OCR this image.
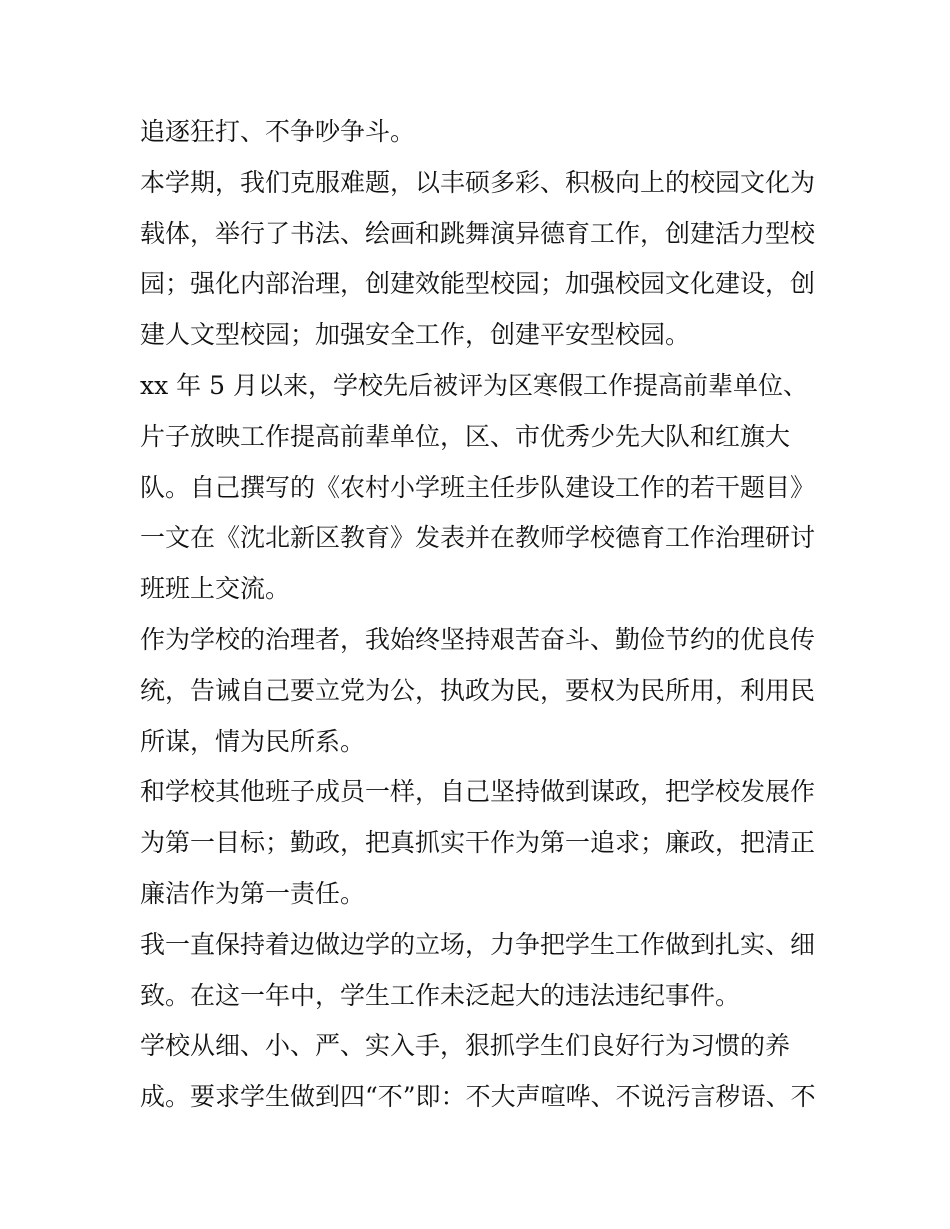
追逐狂打、不争吵争斗。
本学期，我们克服难题，以丰硕多彩、积极向上的校园文化为
载体，举行了书法、绘画和跳舞演异德育工作，创建活力型校
园；强化内部治理，创建效能型校园；加强校园文化建设，创
建人文型校园；加强安全工作，创建平安型校园。
xx 年 5 月以来，学校先后被评为区寒假工作提高前辈单位、
片子放映工作提高前辈单位，区、市优秀少先大队和红旗大
队。自己撰写的《农村小学班主任步队建设工作的若干题目》
一文在《沈北新区教育》发表并在教师学校德育工作治理研讨
班班上交流。
作为学校的治理者，我始终坚持艰苦奋斗、勤俭节约的优良传
统，告诫自己要立党为公，执政为民，要权为民所用，利用民
所谋，情为民所系。
和学校其他班子成员一样，自己坚持做到谋政，把学校发展作
为第一目标；勤政，把真抓实干作为第一追求；廉政，把清正
廉洁作为第一责任。
我一直保持着边做边学的立场，力争把学生工作做到扎实、细
致。在这一年中，学生工作未泛起大的违法违纪事件。
学校从细、小、严、实入手，狠抓学生们良好行为习惯的养
成。要求学生做到四“不”即：不大声喧哗、不说污言秽语、不
